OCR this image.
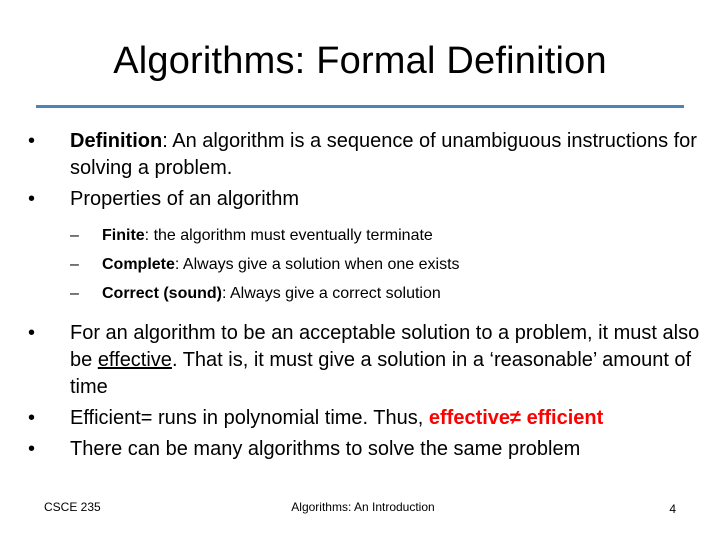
Algorithms: Formal Definition
•	Definition: An algorithm is a sequence of unambiguous instructions for solving a problem.
•	Properties of an algorithm
– Finite: the algorithm must eventually terminate
– Complete: Always give a solution when one exists
– Correct (sound): Always give a correct solution
•	For an algorithm to be an acceptable solution to a problem, it must also be effective. That is, it must give a solution in a ‘reasonable’ amount of time
•	Efficient= runs in polynomial time. Thus, effective≠ efficient
•	There can be many algorithms to solve the same problem
CSCE 235	Algorithms: An Introduction	4
